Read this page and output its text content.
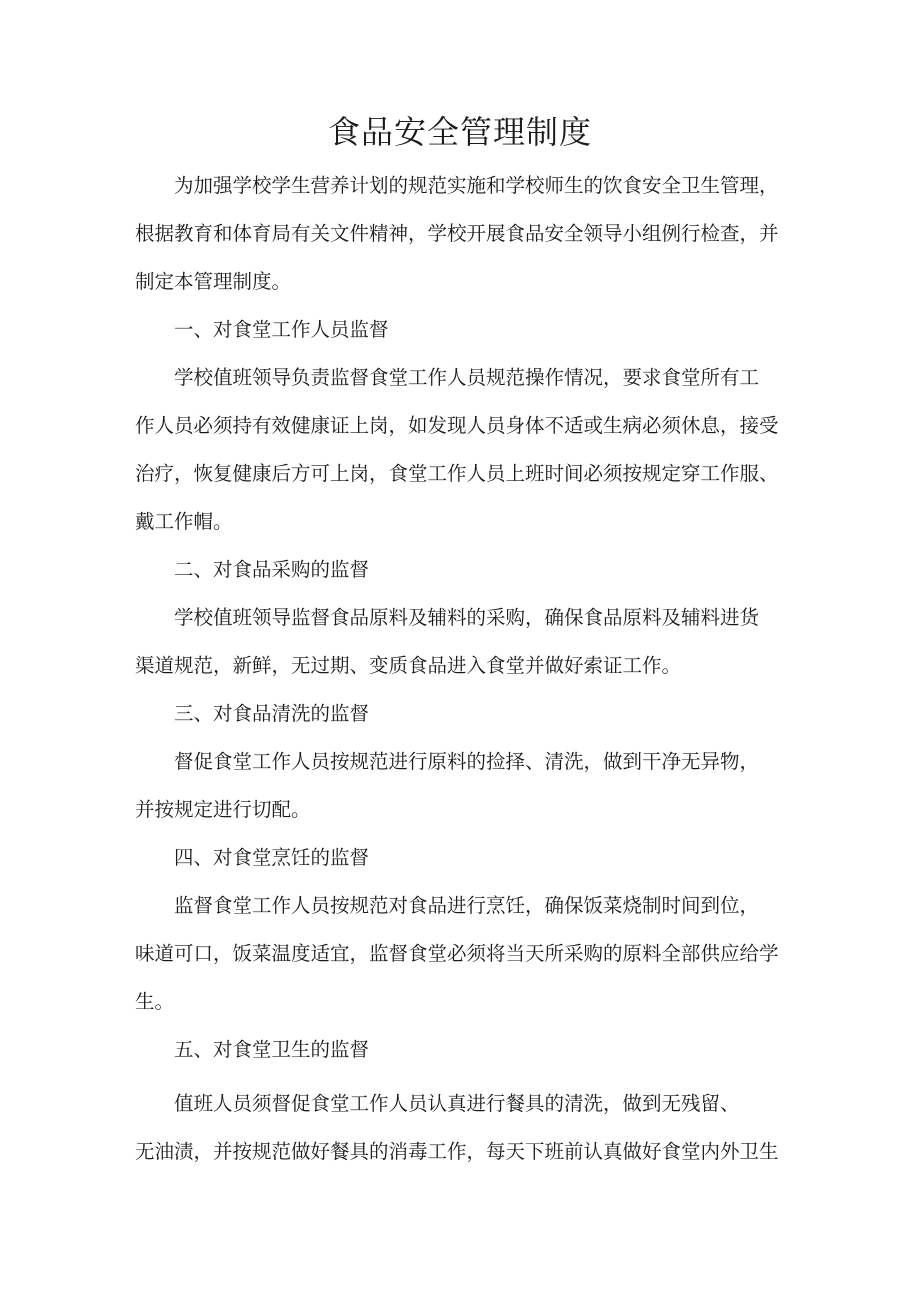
食品安全管理制度
为加强学校学生营养计划的规范实施和学校师生的饮食安全卫生管理，
根据教育和体育局有关文件精神，学校开展食品安全领导小组例行检查，并
制定本管理制度。
一、对食堂工作人员监督
学校值班领导负责监督食堂工作人员规范操作情况，要求食堂所有工
作人员必须持有效健康证上岗，如发现人员身体不适或生病必须休息，接受
治疗，恢复健康后方可上岗，食堂工作人员上班时间必须按规定穿工作服、
戴工作帽。
二、对食品采购的监督
学校值班领导监督食品原料及辅料的采购，确保食品原料及辅料进货
渠道规范，新鲜，无过期、变质食品进入食堂并做好索证工作。
三、对食品清洗的监督
督促食堂工作人员按规范进行原料的捡择、清洗，做到干净无异物，
并按规定进行切配。
四、对食堂烹饪的监督
监督食堂工作人员按规范对食品进行烹饪，确保饭菜烧制时间到位，
味道可口，饭菜温度适宜，监督食堂必须将当天所采购的原料全部供应给学
生。
五、对食堂卫生的监督
值班人员须督促食堂工作人员认真进行餐具的清洗，做到无残留、
无油渍，并按规范做好餐具的消毒工作，每天下班前认真做好食堂内外卫生
